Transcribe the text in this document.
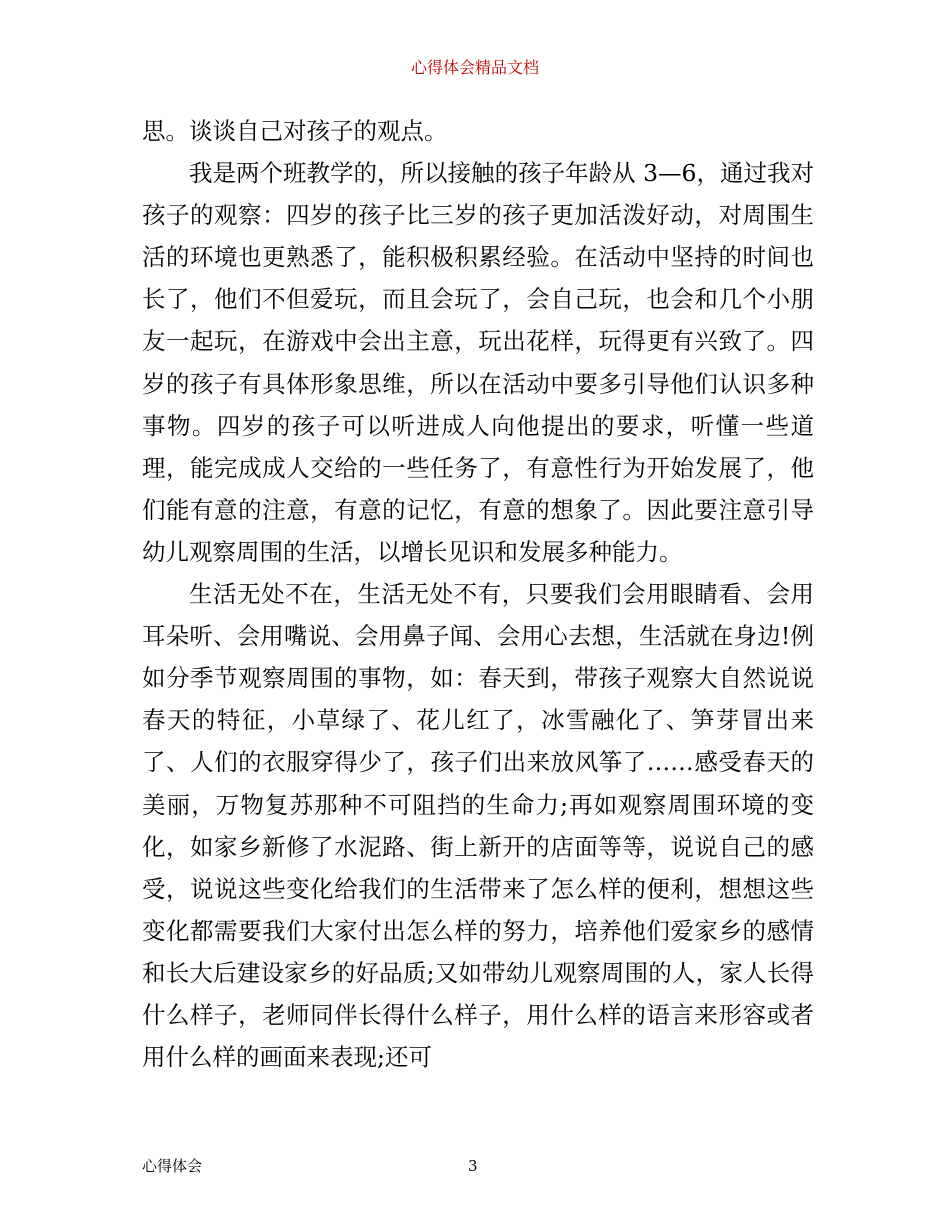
心得体会精品文档

思。谈谈自己对孩子的观点。

我是两个班教学的，所以接触的孩子年龄从 3—6，通过我对孩子的观察：四岁的孩子比三岁的孩子更加活泼好动，对周围生活的环境也更熟悉了，能积极积累经验。在活动中坚持的时间也长了，他们不但爱玩，而且会玩了，会自己玩，也会和几个小朋友一起玩，在游戏中会出主意，玩出花样，玩得更有兴致了。四岁的孩子有具体形象思维，所以在活动中要多引导他们认识多种事物。四岁的孩子可以听进成人向他提出的要求，听懂一些道理，能完成成人交给的一些任务了，有意性行为开始发展了，他们能有意的注意，有意的记忆，有意的想象了。因此要注意引导幼儿观察周围的生活，以增长见识和发展多种能力。

生活无处不在，生活无处不有，只要我们会用眼睛看、会用耳朵听、会用嘴说、会用鼻子闻、会用心去想，生活就在身边!例如分季节观察周围的事物，如：春天到，带孩子观察大自然说说春天的特征，小草绿了、花儿红了，冰雪融化了、笋芽冒出来了、人们的衣服穿得少了，孩子们出来放风筝了……感受春天的美丽，万物复苏那种不可阻挡的生命力;再如观察周围环境的变化，如家乡新修了水泥路、街上新开的店面等等，说说自己的感受，说说这些变化给我们的生活带来了怎么样的便利，想想这些变化都需要我们大家付出怎么样的努力，培养他们爱家乡的感情和长大后建设家乡的好品质;又如带幼儿观察周围的人，家人长得什么样子，老师同伴长得什么样子，用什么样的语言来形容或者用什么样的画面来表现;还可

心得体会	3
